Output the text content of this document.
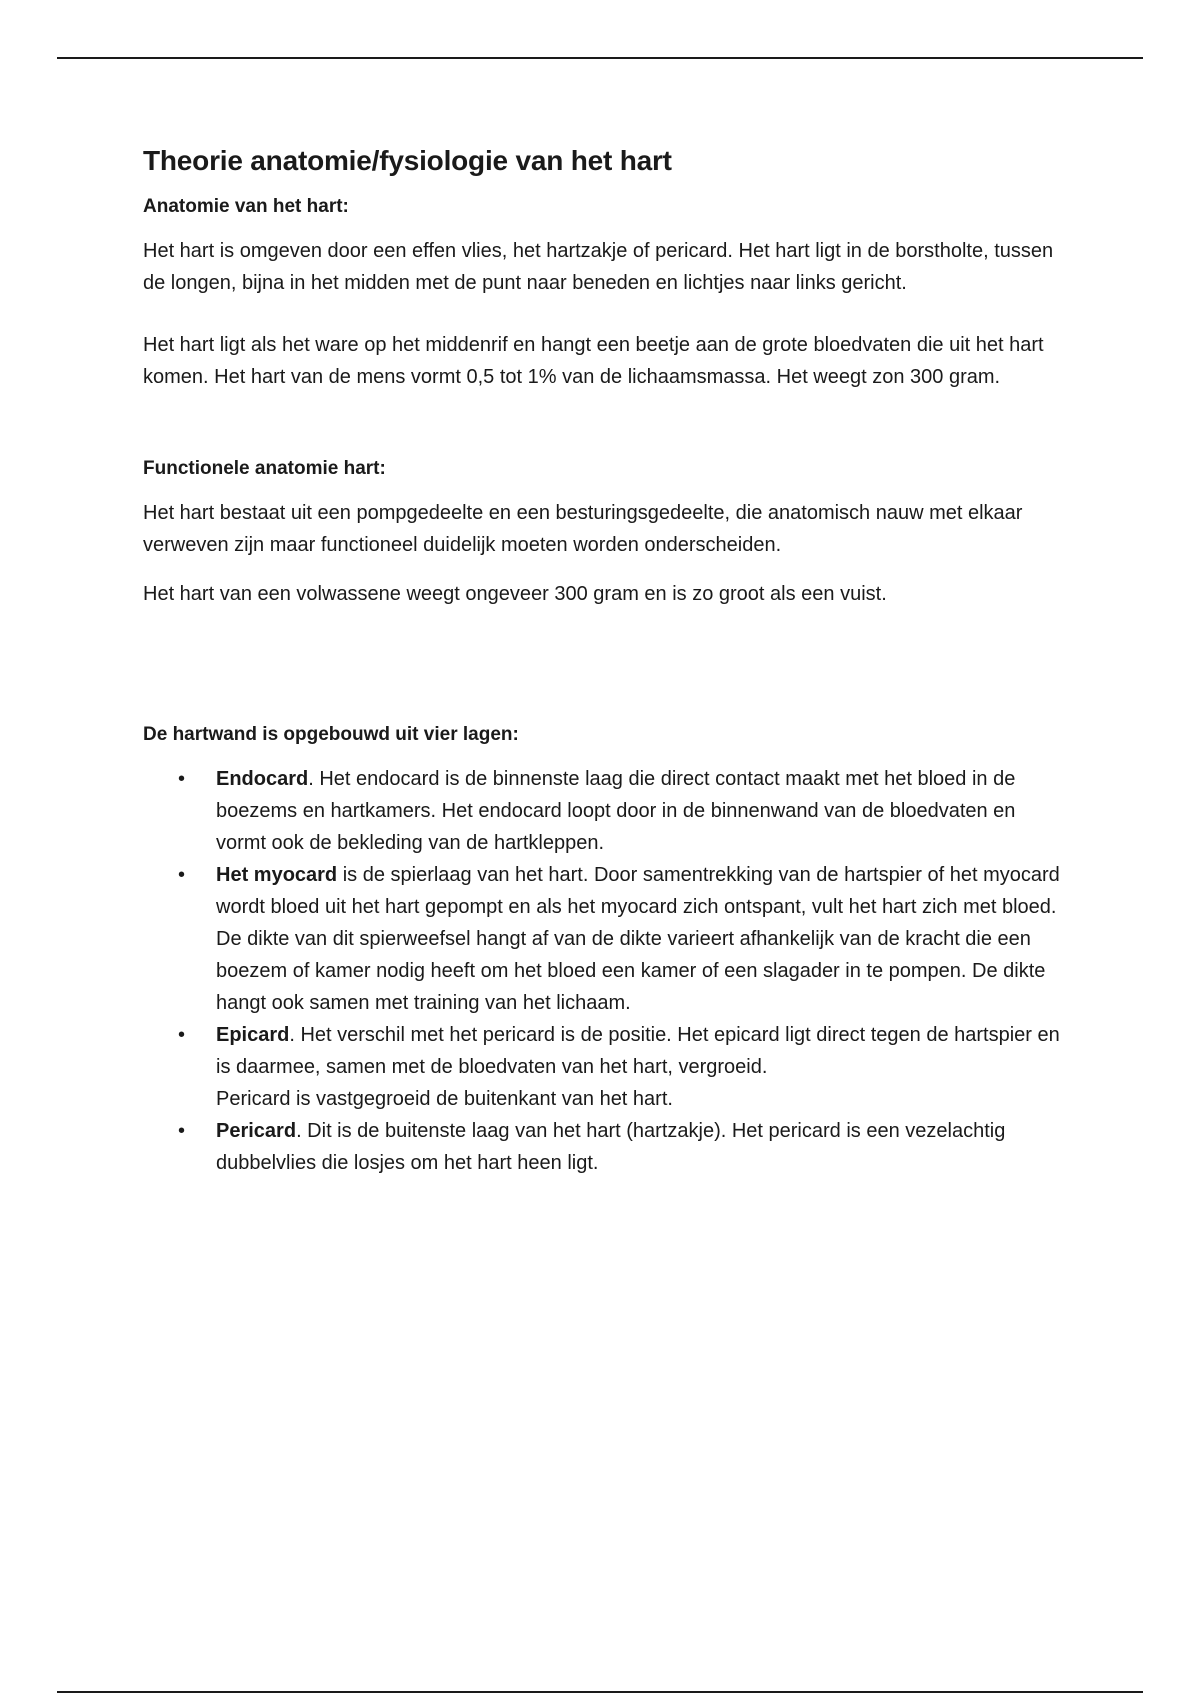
Theorie anatomie/fysiologie van het hart
Anatomie van het hart:

Het hart is omgeven door een effen vlies, het hartzakje of pericard. Het hart ligt in de borstholte, tussen de longen, bijna in het midden met de punt naar beneden en lichtjes naar links gericht.

Het hart ligt als het ware op het middenrif en hangt een beetje aan de grote bloedvaten die uit het hart komen. Het hart van de mens vormt 0,5 tot 1% van de lichaamsmassa. Het weegt zon 300 gram.

Functionele anatomie hart:

Het hart bestaat uit een pompgedeelte en een besturingsgedeelte, die anatomisch nauw met elkaar verweven zijn maar functioneel duidelijk moeten worden onderscheiden.

Het hart van een volwassene weegt ongeveer 300 gram en is zo groot als een vuist.

De hartwand is opgebouwd uit vier lagen:
• Endocard. Het endocard is de binnenste laag die direct contact maakt met het bloed in de boezems en hartkamers. Het endocard loopt door in de binnenwand van de bloedvaten en vormt ook de bekleding van de hartkleppen.
• Het myocard is de spierlaag van het hart. Door samentrekking van de hartspier of het myocard wordt bloed uit het hart gepompt en als het myocard zich ontspant, vult het hart zich met bloed. De dikte van dit spierweefsel hangt af van de dikte varieert afhankelijk van de kracht die een boezem of kamer nodig heeft om het bloed een kamer of een slagader in te pompen. De dikte hangt ook samen met training van het lichaam.
• Epicard. Het verschil met het pericard is de positie. Het epicard ligt direct tegen de hartspier en is daarmee, samen met de bloedvaten van het hart, vergroeid.
Pericard is vastgegroeid de buitenkant van het hart.
• Pericard. Dit is de buitenste laag van het hart (hartzakje). Het pericard is een vezelachtig dubbelvlies die losjes om het hart heen ligt.
